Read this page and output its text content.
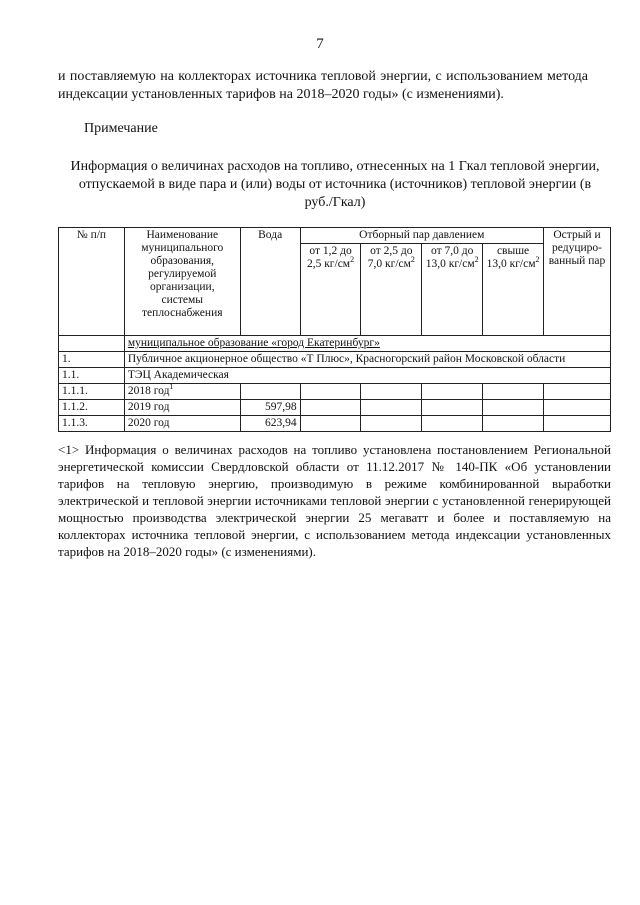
7
и поставляемую на коллекторах источника тепловой энергии, с использованием метода индексации установленных тарифов на 2018–2020 годы» (с изменениями).
Примечание
Информация о величинах расходов на топливо, отнесенных на 1 Гкал тепловой энергии, отпускаемой в виде пара и (или) воды от источника (источников) тепловой энергии (в руб./Гкал)
№ п/п	Наименование муниципального образования, регулируемой организации, системы теплоснабжения	Вода	Отборный пар давлением				Острый и редуциро-ванный пар
			от 1,2 до 2,5 $кг/см^2$	от 2,5 до 7,0 $кг/см^2$	от 7,0 до 13,0 $кг/см^2$	свыше 13,0 $кг/см^2$
	муниципальное образование «город Екатеринбург»						
1.	Публичное акционерное общество «Т Плюс», Красногорский район Московской области						
1.1.	ТЭЦ Академическая						
1.1.1.	2018 год$^1$						
1.1.2.	2019 год	597,98					
1.1.3.	2020 год	623,94					
<1> Информация о величинах расходов на топливо установлена постановлением Региональной энергетической комиссии Свердловской области от 11.12.2017 № 140-ПК «Об установлении тарифов на тепловую энергию, производимую в режиме комбинированной выработки электрической и тепловой энергии источниками тепловой энергии с установленной генерирующей мощностью производства электрической энергии 25 мегаватт и более и поставляемую на коллекторах источника тепловой энергии, с использованием метода индексации установленных тарифов на 2018–2020 годы» (с изменениями).
